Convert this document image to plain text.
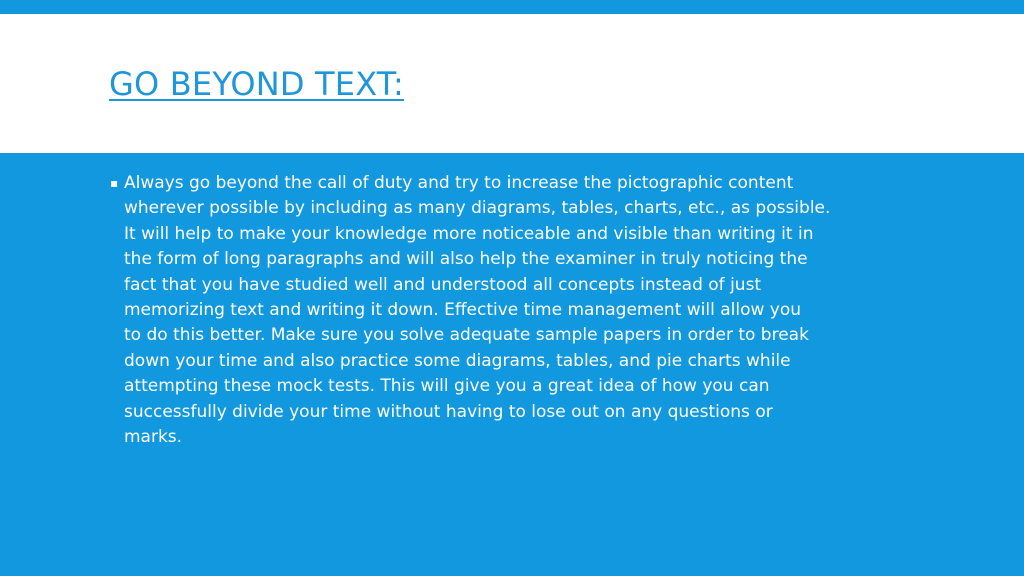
GO BEYOND TEXT:
▪ Always go beyond the call of duty and try to increase the pictographic content
wherever possible by including as many diagrams, tables, charts, etc., as possible.
It will help to make your knowledge more noticeable and visible than writing it in
the form of long paragraphs and will also help the examiner in truly noticing the
fact that you have studied well and understood all concepts instead of just
memorizing text and writing it down. Effective time management will allow you
to do this better. Make sure you solve adequate sample papers in order to break
down your time and also practice some diagrams, tables, and pie charts while
attempting these mock tests. This will give you a great idea of how you can
successfully divide your time without having to lose out on any questions or
marks.
